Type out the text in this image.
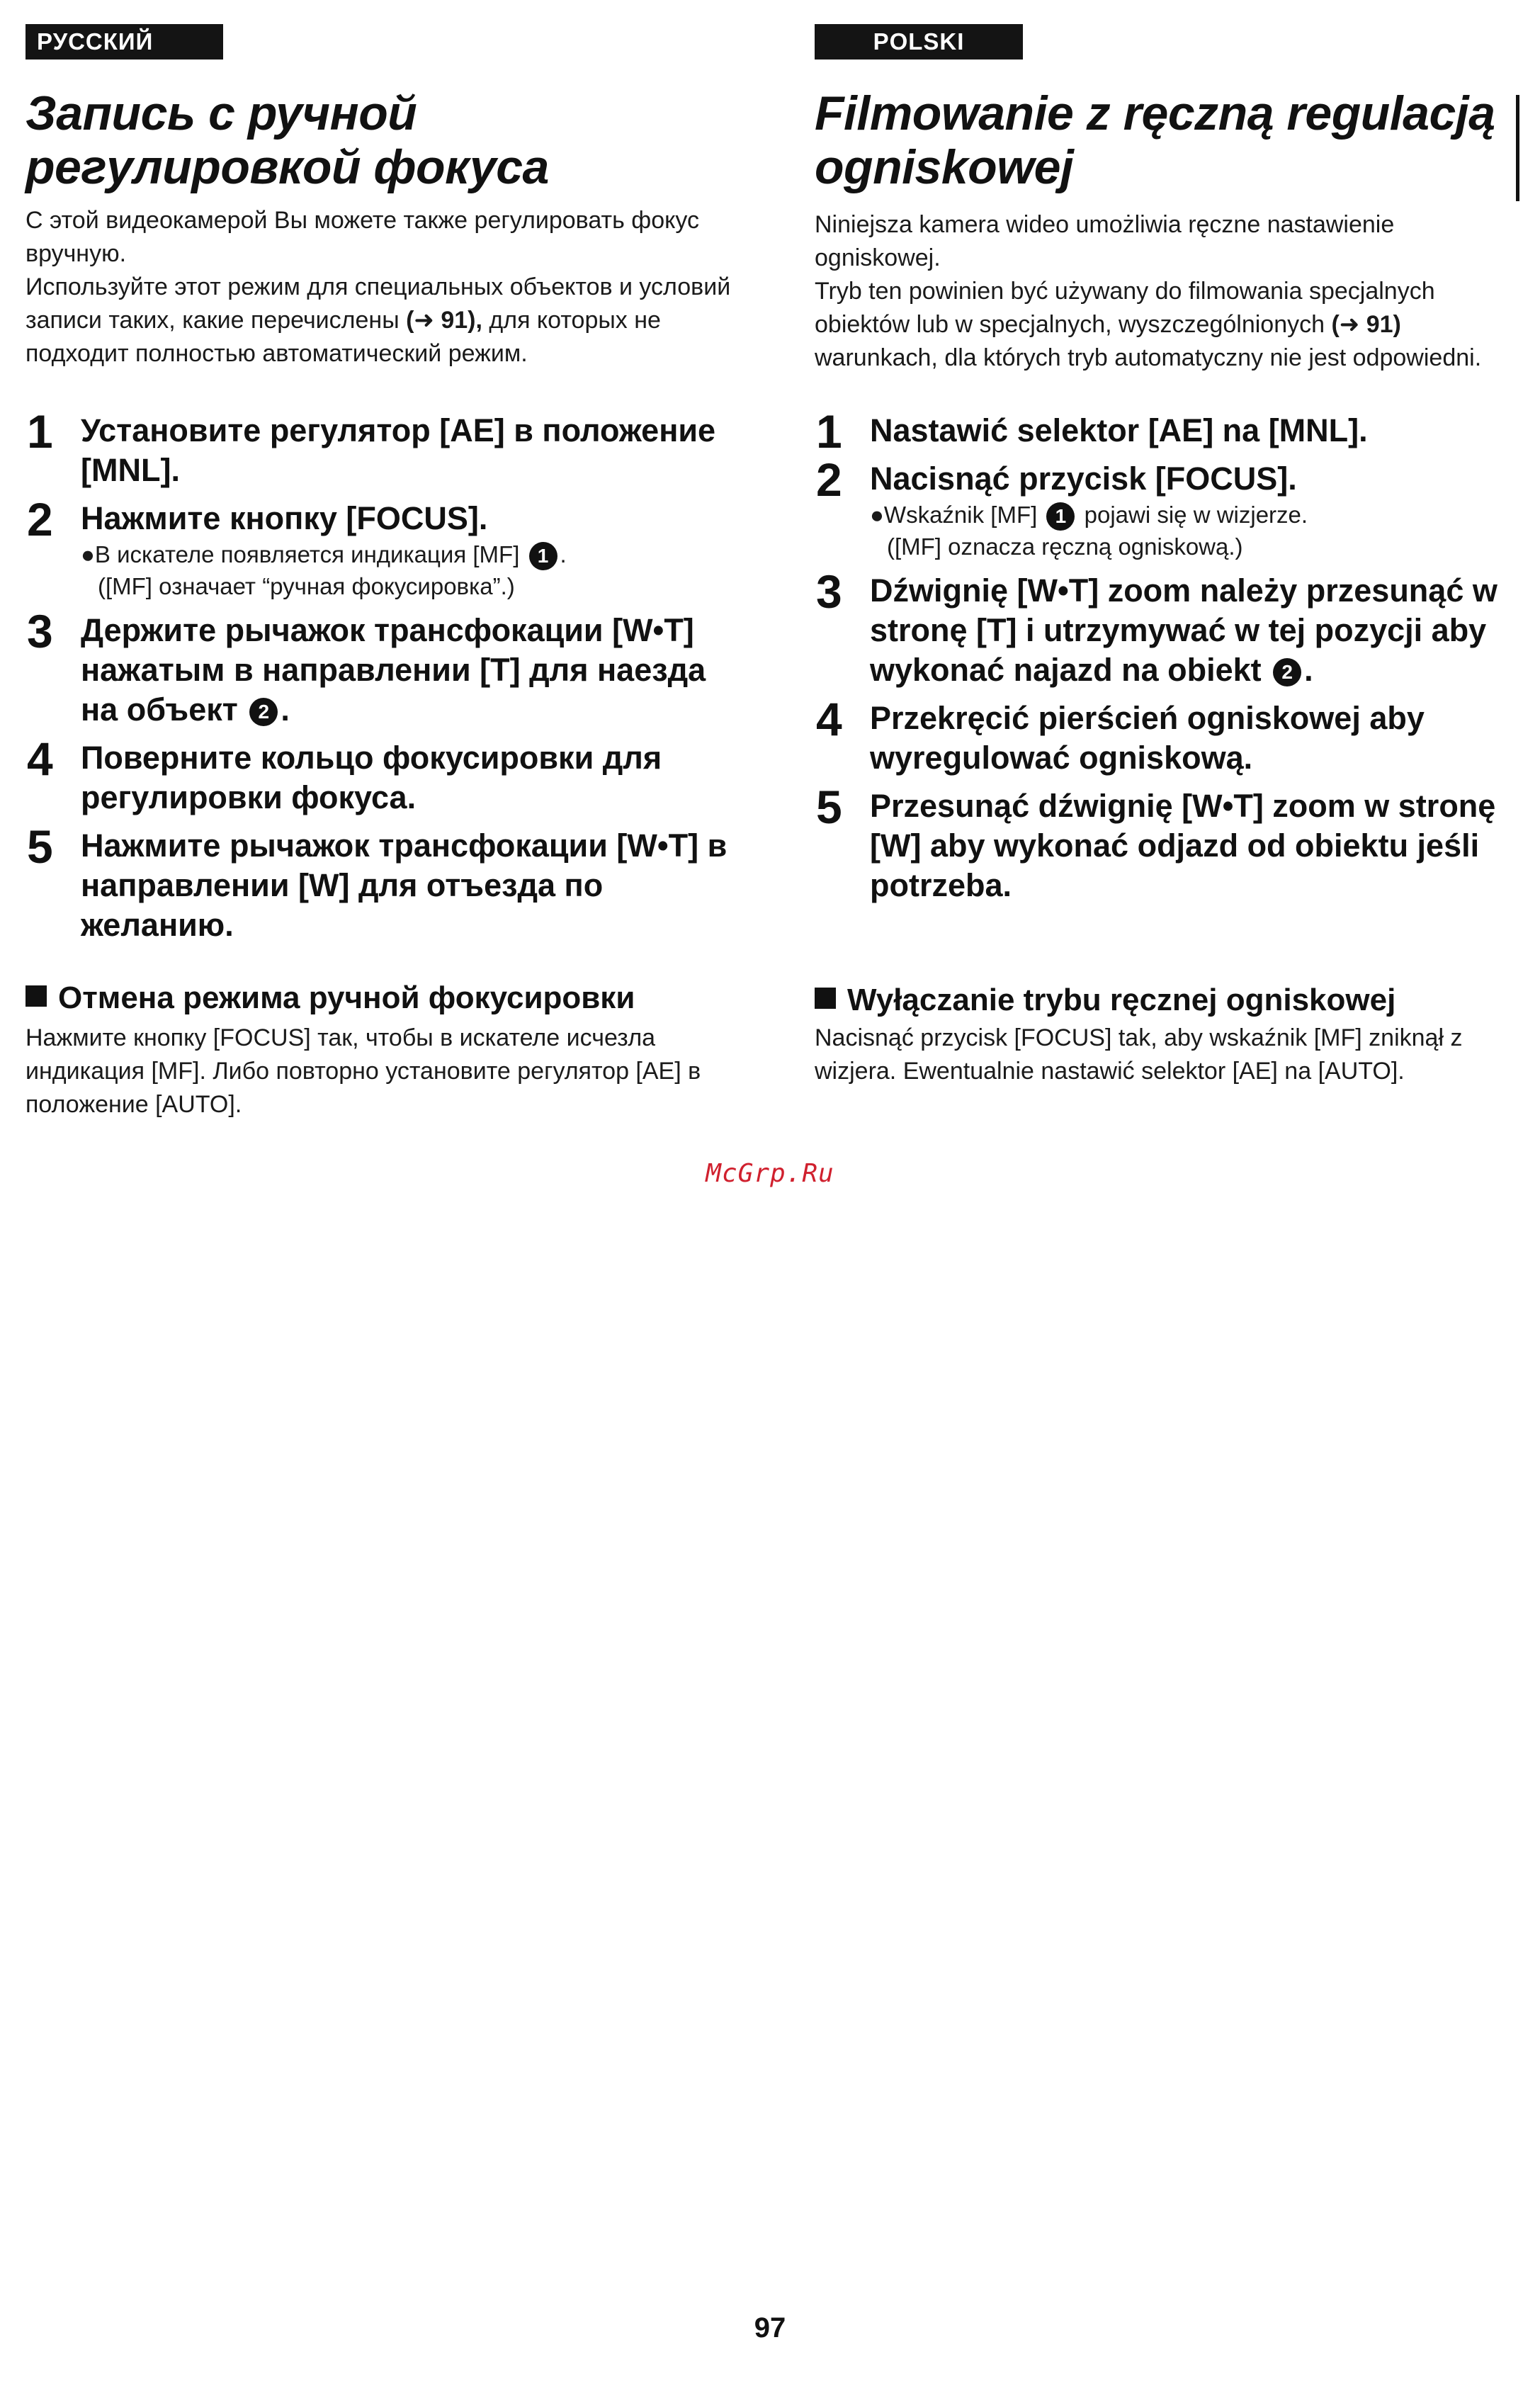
РУССКИЙ ЯЗЫК
Запись с ручной
регулировкой фокуса

С этой видеокамерой Вы можете также регулировать фокус вручную.

Используйте этот режим для специальных объектов и условий записи таких, какие перечислены (➜ 91), для которых не подходит полностью автоматический режим.

1 Установите регулятор [AE] в положение [MNL].
2 Нажмите кнопку [FOCUS].
●В искателе появляется индикация [MF] 1 .
([MF] означает “ручная фокусировка”.)
3 Держите рычажок трансфокации [W•T] нажатым в направлении [T] для наезда на объект 2 .
4 Поверните кольцо фокусировки для регулировки фокуса.
5 Нажмите рычажок трансфокации [W•T] в направлении [W] для отъезда по желанию.
Отмена режима ручной фокусировки
Нажмите кнопку [FOCUS] так, чтобы в искателе исчезла индикация [MF]. Либо повторно установите регулятор [AE] в положение [AUTO].
POLSKI
Filmowanie z ręczną regulacją
ogniskowej

Niniejsza kamera wideo umożliwia ręczne nastawienie ogniskowej.

Tryb ten powinien być używany do filmowania specjalnych obiektów lub w specjalnych, wyszczególnionych (➜ 91) warunkach, dla których tryb automatyczny nie jest odpowiedni.

1 Nastawić selektor [AE] na [MNL].
2 Nacisnąć przycisk [FOCUS].
●Wskaźnik [MF] 1 pojawi się w wizjerze.
([MF] oznacza ręczną ogniskową.)
3 Dźwignię [W•T] zoom należy przesunąć w stronę [T] i utrzymywać w tej pozycji aby wykonać najazd na obiekt 2 .
4 Przekręcić pierścień ogniskowej aby wyregulować ogniskową.
5 Przesunąć dźwignię [W•T] zoom w stronę [W] aby wykonać odjazd od obiektu jeśli potrzeba.
Wyłączanie trybu ręcznej ogniskowej
Nacisnąć przycisk [FOCUS] tak, aby wskaźnik [MF] zniknął z wizjera. Ewentualnie nastawić selektor [AE] na [AUTO].
McGrp.Ru
97
